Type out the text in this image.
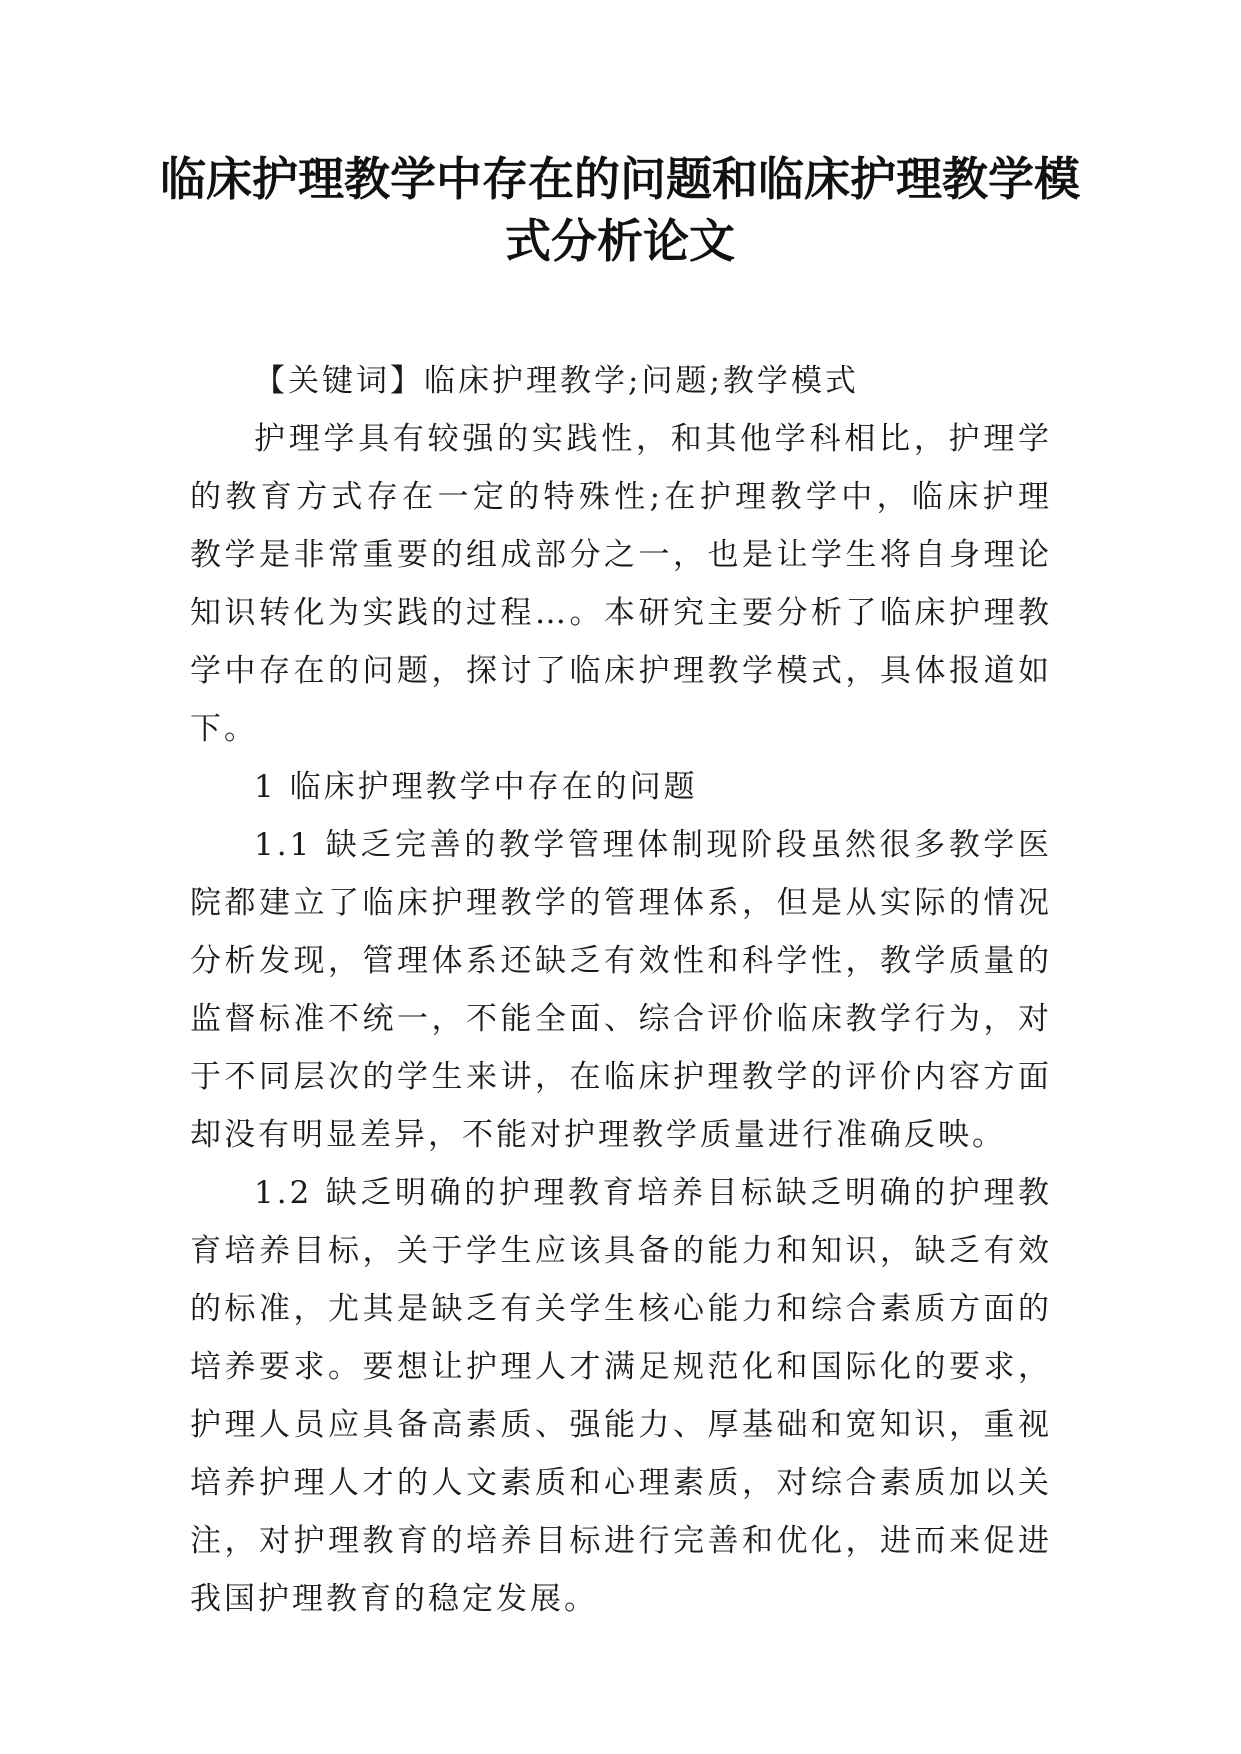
临床护理教学中存在的问题和临床护理教学模式分析论文

【关键词】临床护理教学;问题;教学模式

护理学具有较强的实践性，和其他学科相比，护理学的教育方式存在一定的特殊性;在护理教学中，临床护理教学是非常重要的组成部分之一，也是让学生将自身理论知识转化为实践的过程…。本研究主要分析了临床护理教学中存在的问题，探讨了临床护理教学模式，具体报道如下。

1 临床护理教学中存在的问题

1.1 缺乏完善的教学管理体制现阶段虽然很多教学医院都建立了临床护理教学的管理体系，但是从实际的情况分析发现，管理体系还缺乏有效性和科学性，教学质量的监督标准不统一，不能全面、综合评价临床教学行为，对于不同层次的学生来讲，在临床护理教学的评价内容方面却没有明显差异，不能对护理教学质量进行准确反映。

1.2 缺乏明确的护理教育培养目标缺乏明确的护理教育培养目标，关于学生应该具备的能力和知识，缺乏有效的标准，尤其是缺乏有关学生核心能力和综合素质方面的培养要求。要想让护理人才满足规范化和国际化的要求，护理人员应具备高素质、强能力、厚基础和宽知识，重视培养护理人才的人文素质和心理素质，对综合素质加以关注，对护理教育的培养目标进行完善和优化，进而来促进我国护理教育的稳定发展。
